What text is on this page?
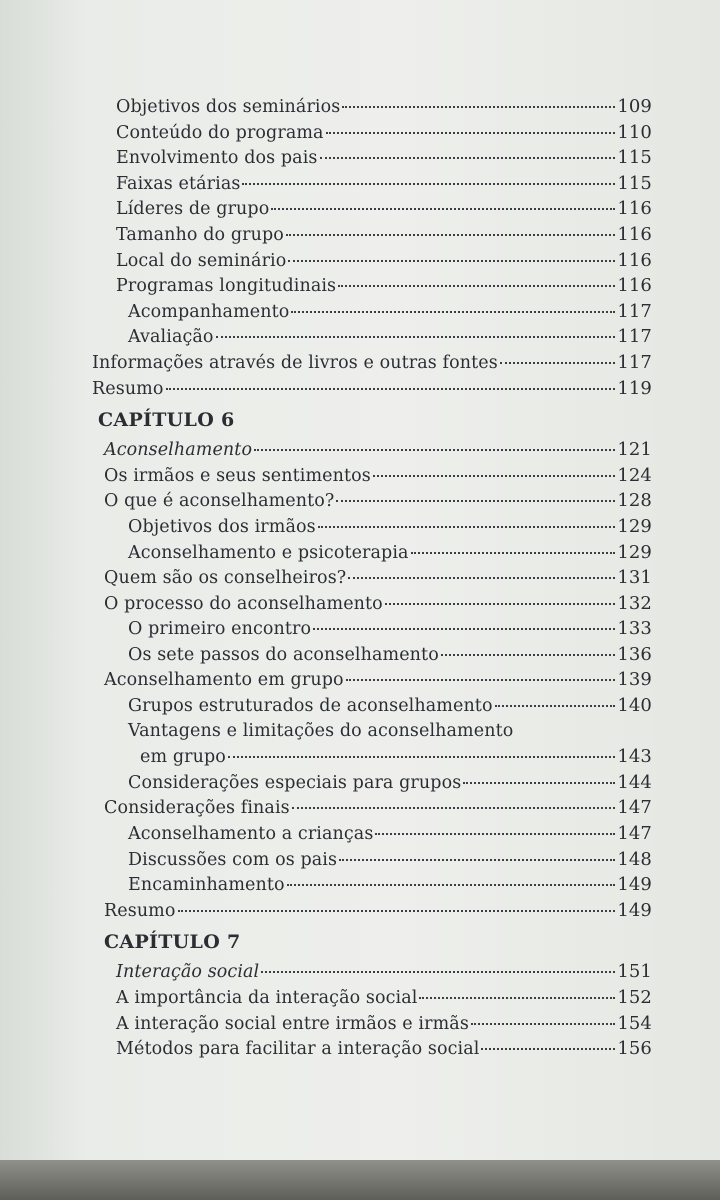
Objetivos dos seminários	109
Conteúdo do programa	110
Envolvimento dos pais	115
Faixas etárias	115
Líderes de grupo	116
Tamanho do grupo	116
Local do seminário	116
Programas longitudinais	116
Acompanhamento	117
Avaliação	117
Informações através de livros e outras fontes	117
Resumo	119
CAPÍTULO 6
Aconselhamento	121
Os irmãos e seus sentimentos	124
O que é aconselhamento?	128
Objetivos dos irmãos	129
Aconselhamento e psicoterapia	129
Quem são os conselheiros?	131
O processo do aconselhamento	132
O primeiro encontro	133
Os sete passos do aconselhamento	136
Aconselhamento em grupo	139
Grupos estruturados de aconselhamento	140
Vantagens e limitações do aconselhamento
em grupo	143
Considerações especiais para grupos	144
Considerações finais	147
Aconselhamento a crianças	147
Discussões com os pais	148
Encaminhamento	149
Resumo	149
CAPÍTULO 7
Interação social	151
A importância da interação social	152
A interação social entre irmãos e irmãs	154
Métodos para facilitar a interação social	156
